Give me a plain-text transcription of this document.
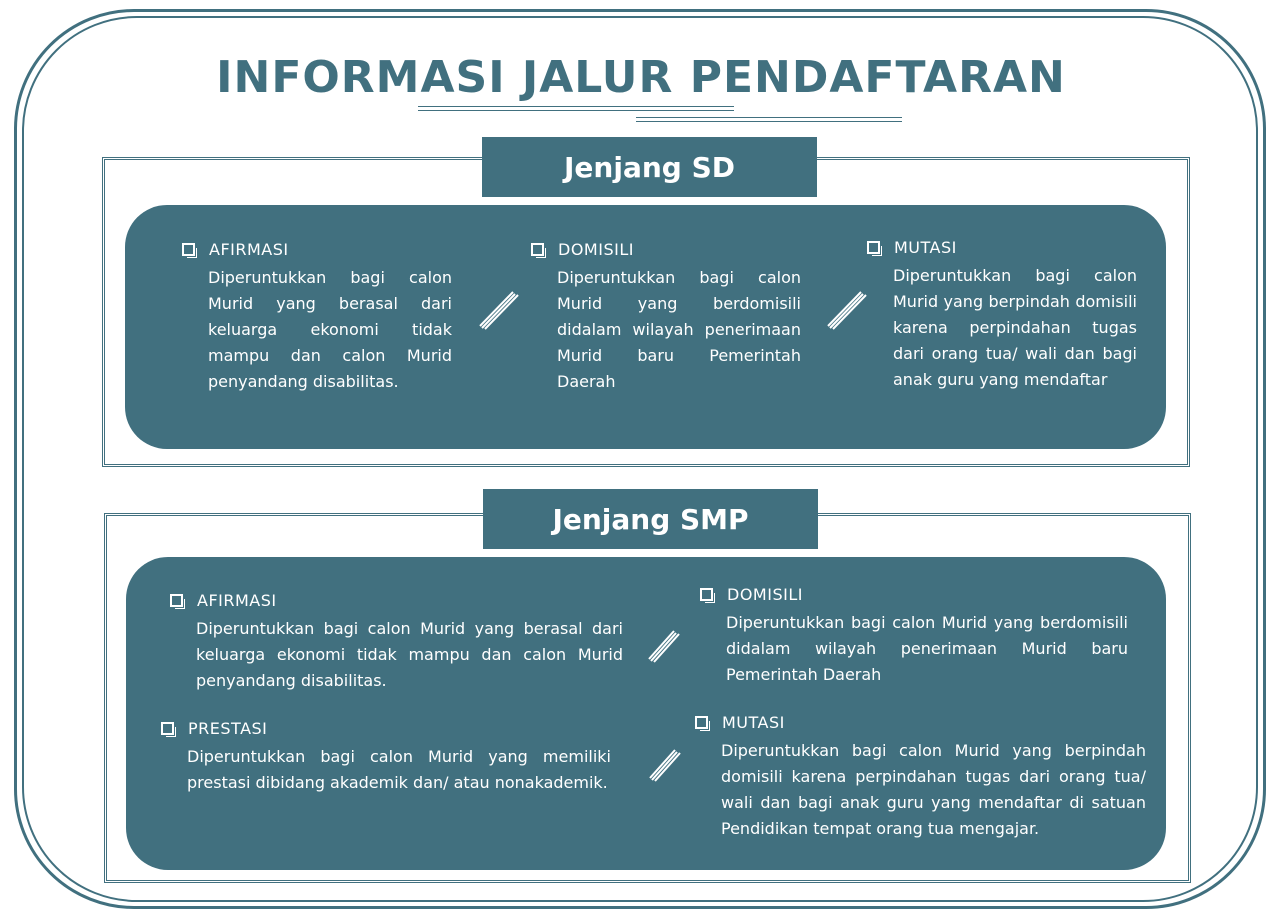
INFORMASI JALUR PENDAFTARAN
Jenjang SD
AFIRMASI

Diperuntukkan bagi calon Murid yang berasal dari keluarga ekonomi tidak mampu dan calon Murid penyandang disabilitas.

DOMISILI

Diperuntukkan bagi calon Murid yang berdomisili didalam wilayah penerimaan Murid baru Pemerintah Daerah

MUTASI

Diperuntukkan bagi calon Murid yang berpindah domisili karena perpindahan tugas dari orang tua/ wali dan bagi anak guru yang mendaftar

Jenjang SMP
AFIRMASI

Diperuntukkan bagi calon Murid yang berasal dari keluarga ekonomi tidak mampu dan calon Murid penyandang disabilitas.

DOMISILI

Diperuntukkan bagi calon Murid yang berdomisili didalam wilayah penerimaan Murid baru Pemerintah Daerah

PRESTASI

Diperuntukkan bagi calon Murid yang memiliki prestasi dibidang akademik dan/ atau nonakademik.

MUTASI

Diperuntukkan bagi calon Murid yang berpindah domisili karena perpindahan tugas dari orang tua/ wali dan bagi anak guru yang mendaftar di satuan Pendidikan tempat orang tua mengajar.
